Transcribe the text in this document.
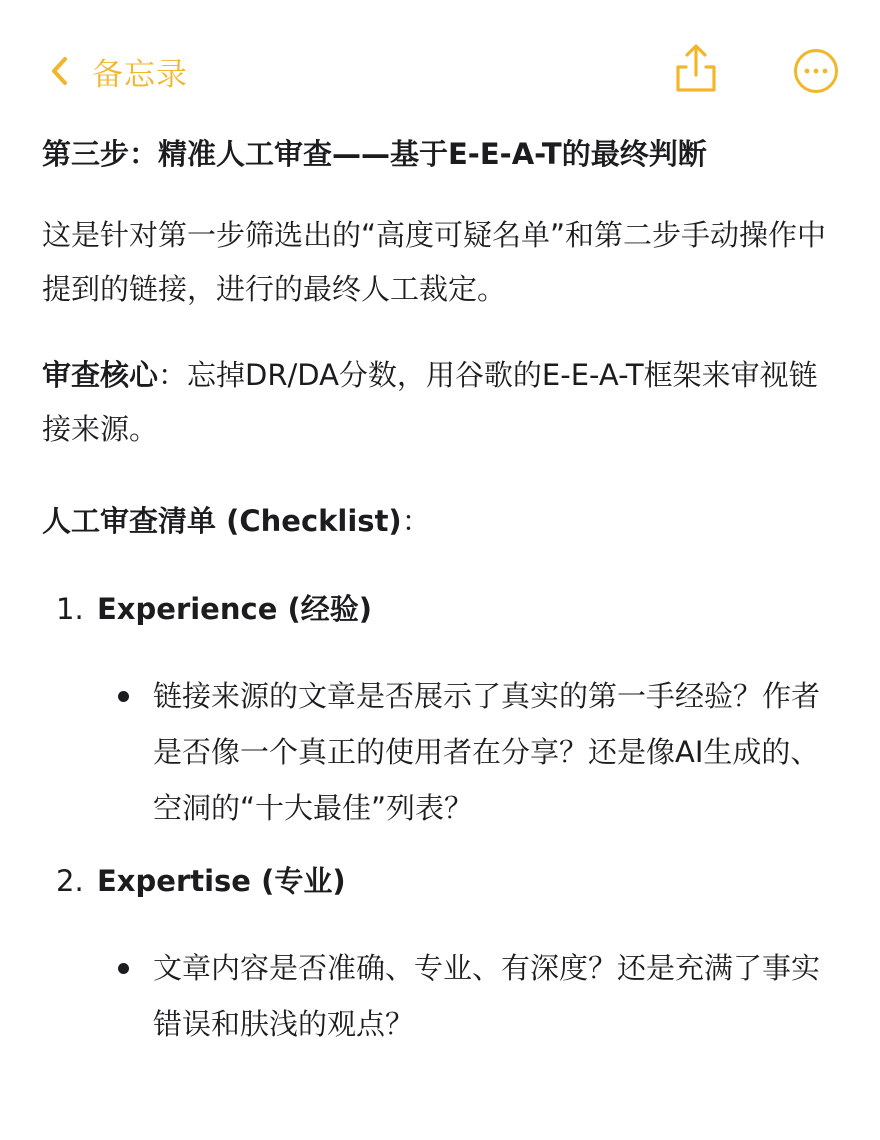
备忘录

第三步：精准人工审查——基于E-E-A-T的最终判断

这是针对第一步筛选出的“高度可疑名单”和第二步手动操作中提到的链接，进行的最终人工裁定。

审查核心：忘掉DR/DA分数，用谷歌的E-E-A-T框架来审视链接来源。

人工审查清单 (Checklist)：

1. Experience (经验)
链接来源的文章是否展示了真实的第一手经验？作者是否像一个真正的使用者在分享？还是像AI生成的、空洞的“十大最佳”列表？
2. Expertise (专业)
文章内容是否准确、专业、有深度？还是充满了事实错误和肤浅的观点？
